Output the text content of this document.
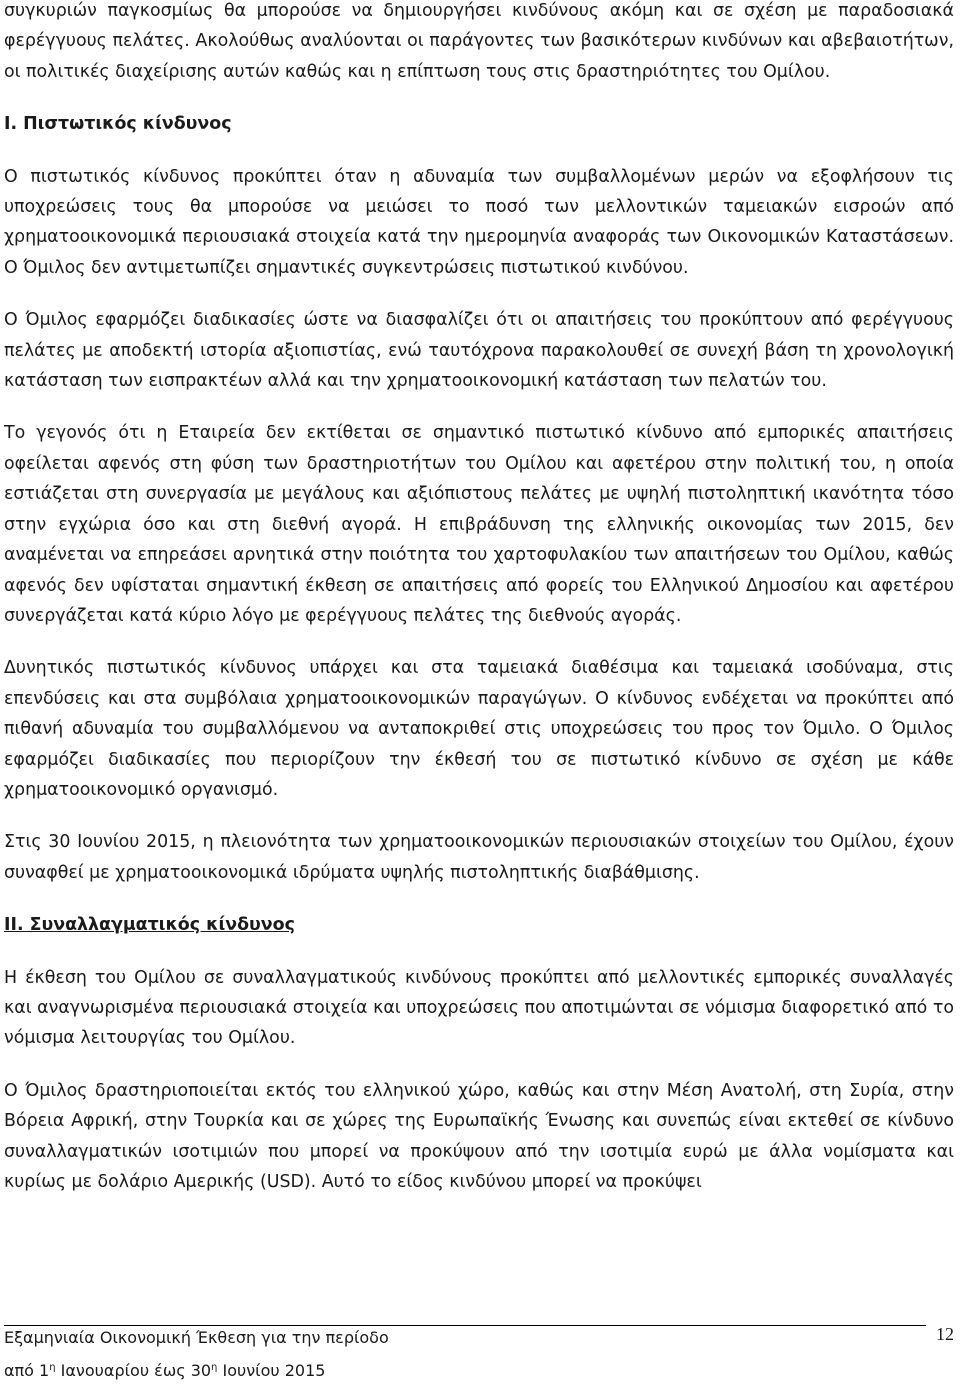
συγκυριών παγκοσμίως θα μπορούσε να δημιουργήσει κινδύνους ακόμη και σε σχέση με παραδοσιακά φερέγγυους πελάτες. Ακολούθως αναλύονται οι παράγοντες των βασικότερων κινδύνων και αβεβαιοτήτων, οι πολιτικές διαχείρισης αυτών καθώς και η επίπτωση τους στις δραστηριότητες του Ομίλου.

I. Πιστωτικός κίνδυνος

Ο πιστωτικός κίνδυνος προκύπτει όταν η αδυναμία των συμβαλλομένων μερών να εξοφλήσουν τις υποχρεώσεις τους θα μπορούσε να μειώσει το ποσό των μελλοντικών ταμειακών εισροών από χρηματοοικονομικά περιουσιακά στοιχεία κατά την ημερομηνία αναφοράς των Οικονομικών Καταστάσεων. Ο Όμιλος δεν αντιμετωπίζει σημαντικές συγκεντρώσεις πιστωτικού κινδύνου.

Ο Όμιλος εφαρμόζει διαδικασίες ώστε να διασφαλίζει ότι οι απαιτήσεις του προκύπτουν από φερέγγυους πελάτες με αποδεκτή ιστορία αξιοπιστίας, ενώ ταυτόχρονα παρακολουθεί σε συνεχή βάση τη χρονολογική κατάσταση των εισπρακτέων αλλά και την χρηματοοικονομική κατάσταση των πελατών του.

Το γεγονός ότι η Εταιρεία δεν εκτίθεται σε σημαντικό πιστωτικό κίνδυνο από εμπορικές απαιτήσεις οφείλεται αφενός στη φύση των δραστηριοτήτων του Ομίλου και αφετέρου στην πολιτική του, η οποία εστιάζεται στη συνεργασία με μεγάλους και αξιόπιστους πελάτες με υψηλή πιστοληπτική ικανότητα τόσο στην εγχώρια όσο και στη διεθνή αγορά. Η επιβράδυνση της ελληνικής οικονομίας των 2015, δεν αναμένεται να επηρεάσει αρνητικά στην ποιότητα του χαρτοφυλακίου των απαιτήσεων του Ομίλου, καθώς αφενός δεν υφίσταται σημαντική έκθεση σε απαιτήσεις από φορείς του Ελληνικού Δημοσίου και αφετέρου συνεργάζεται κατά κύριο λόγο με φερέγγυους πελάτες της διεθνούς αγοράς.

Δυνητικός πιστωτικός κίνδυνος υπάρχει και στα ταμειακά διαθέσιμα και ταμειακά ισοδύναμα, στις επενδύσεις και στα συμβόλαια χρηματοοικονομικών παραγώγων. Ο κίνδυνος ενδέχεται να προκύπτει από πιθανή αδυναμία του συμβαλλόμενου να ανταποκριθεί στις υποχρεώσεις του προς τον Όμιλο. Ο Όμιλος εφαρμόζει διαδικασίες που περιορίζουν την έκθεσή του σε πιστωτικό κίνδυνο σε σχέση με κάθε χρηματοοικονομικό οργανισμό.

Στις 30 Ιουνίου 2015, η πλειονότητα των χρηματοοικονομικών περιουσιακών στοιχείων του Ομίλου, έχουν συναφθεί με χρηματοοικονομικά ιδρύματα υψηλής πιστοληπτικής διαβάθμισης.

II. Συναλλαγματικός κίνδυνος

Η έκθεση του Ομίλου σε συναλλαγματικούς κινδύνους προκύπτει από μελλοντικές εμπορικές συναλλαγές και αναγνωρισμένα περιουσιακά στοιχεία και υποχρεώσεις που αποτιμώνται σε νόμισμα διαφορετικό από το νόμισμα λειτουργίας του Ομίλου.

Ο Όμιλος δραστηριοποιείται εκτός του ελληνικού χώρο, καθώς και στην Μέση Ανατολή, στη Συρία, στην Βόρεια Αφρική, στην Τουρκία και σε χώρες της Ευρωπαϊκής Ένωσης και συνεπώς είναι εκτεθεί σε κίνδυνο συναλλαγματικών ισοτιμιών που μπορεί να προκύψουν από την ισοτιμία ευρώ με άλλα νομίσματα και κυρίως με δολάριο Αμερικής (USD). Αυτό το είδος κινδύνου μπορεί να προκύψει

Εξαμηνιαία Οικονομική Έκθεση για την περίοδο
από $1^\eta$ Ιανουαρίου έως $30^\eta$ Ιουνίου 2015
12
